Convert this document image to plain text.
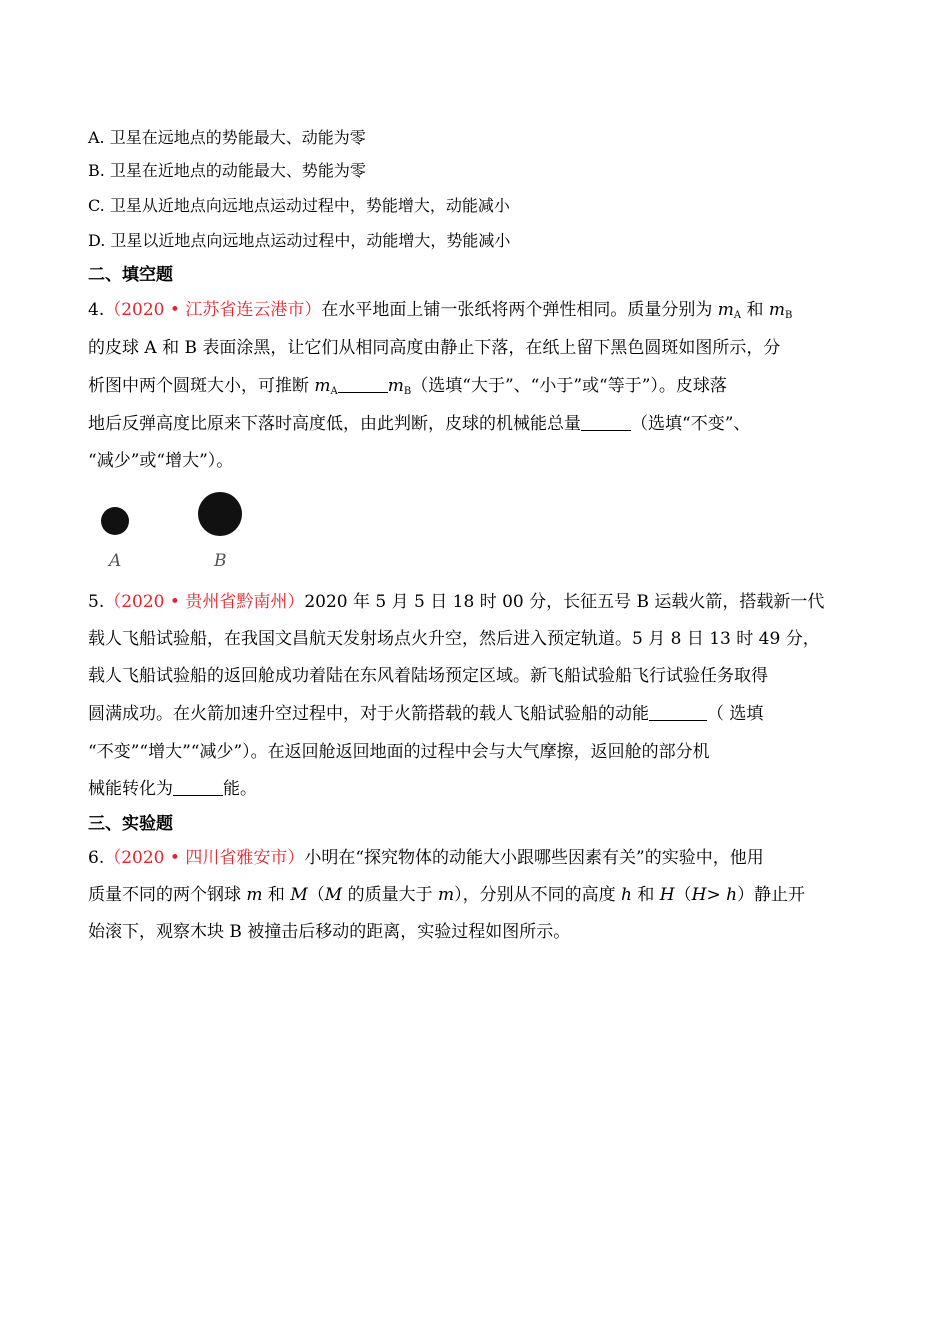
A. 卫星在远地点的势能最大、动能为零
B. 卫星在近地点的动能最大、势能为零
C. 卫星从近地点向远地点运动过程中，势能增大，动能减小
D. 卫星以近地点向远地点运动过程中，动能增大，势能减小
二、填空题
4.（2020 • 江苏省连云港市）在水平地面上铺一张纸将两个弹性相同。质量分别为 $m_A$ 和 $m_B$
的皮球 A 和 B 表面涂黑，让它们从相同高度由静止下落，在纸上留下黑色圆斑如图所示，分
析图中两个圆斑大小，可推断 $m_A$	$m_B$（选填“大于”、“小于”或“等于”）。皮球落
地后反弹高度比原来下落时高度低，由此判断，皮球的机械能总量	（选填“不变”、
“减少”或“增大”）。
A	B
5.（2020 • 贵州省黔南州）2020 年 5 月 5 日 18 时 00 分，长征五号 B 运载火箭，搭载新一代
载人飞船试验船，在我国文昌航天发射场点火升空，然后进入预定轨道。5 月 8 日 13 时 49 分，
载人飞船试验船的返回舱成功着陆在东风着陆场预定区域。新飞船试验船飞行试验任务取得
圆满成功。在火箭加速升空过程中，对于火箭搭载的载人飞船试验船的动能	（ 选填
“不变”“增大”“减少”）。在返回舱返回地面的过程中会与大气摩擦，返回舱的部分机
械能转化为	能。
三、实验题
6.（2020 • 四川省雅安市）小明在“探究物体的动能大小跟哪些因素有关”的实验中，他用
质量不同的两个钢球 m 和 M（M 的质量大于 m），分别从不同的高度 h 和 H（H> h）静止开
始滚下，观察木块 B 被撞击后移动的距离，实验过程如图所示。
